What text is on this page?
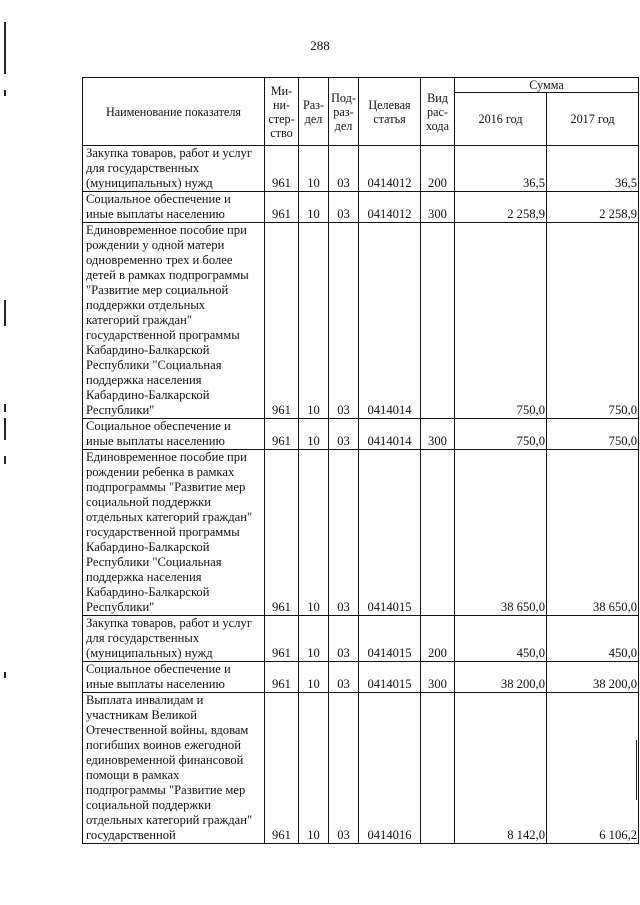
288
Наименование показателя	Ми-ни-стер-ство	Раз-дел	Под-раз-дел	Целевая статья	Вид рас-хода	Сумма	
						2016 год	2017 год
Закупка товаров, работ и услуг для государственных (муниципальных) нужд	961	10	03	0414012	200	36,5	36,5
Социальное обеспечение и иные выплаты населению	961	10	03	0414012	300	2 258,9	2 258,9
Единовременное пособие при рождении у одной матери одновременно трех и более детей в рамках подпрограммы "Развитие мер социальной поддержки отдельных категорий граждан" государственной программы Кабардино-Балкарской Республики "Социальная поддержка населения Кабардино-Балкарской Республики"	961	10	03	0414014		750,0	750,0
Социальное обеспечение и иные выплаты населению	961	10	03	0414014	300	750,0	750,0
Единовременное пособие при рождении ребенка в рамках подпрограммы "Развитие мер социальной поддержки отдельных категорий граждан" государственной программы Кабардино-Балкарской Республики "Социальная поддержка населения Кабардино-Балкарской Республики"	961	10	03	0414015		38 650,0	38 650,0
Закупка товаров, работ и услуг для государственных (муниципальных) нужд	961	10	03	0414015	200	450,0	450,0
Социальное обеспечение и иные выплаты населению	961	10	03	0414015	300	38 200,0	38 200,0
Выплата инвалидам и участникам Великой Отечественной войны, вдовам погибших воинов ежегодной единовременной финансовой помощи в рамках подпрограммы "Развитие мер социальной поддержки отдельных категорий граждан" государственной	961	10	03	0414016		8 142,0	6 106,2
